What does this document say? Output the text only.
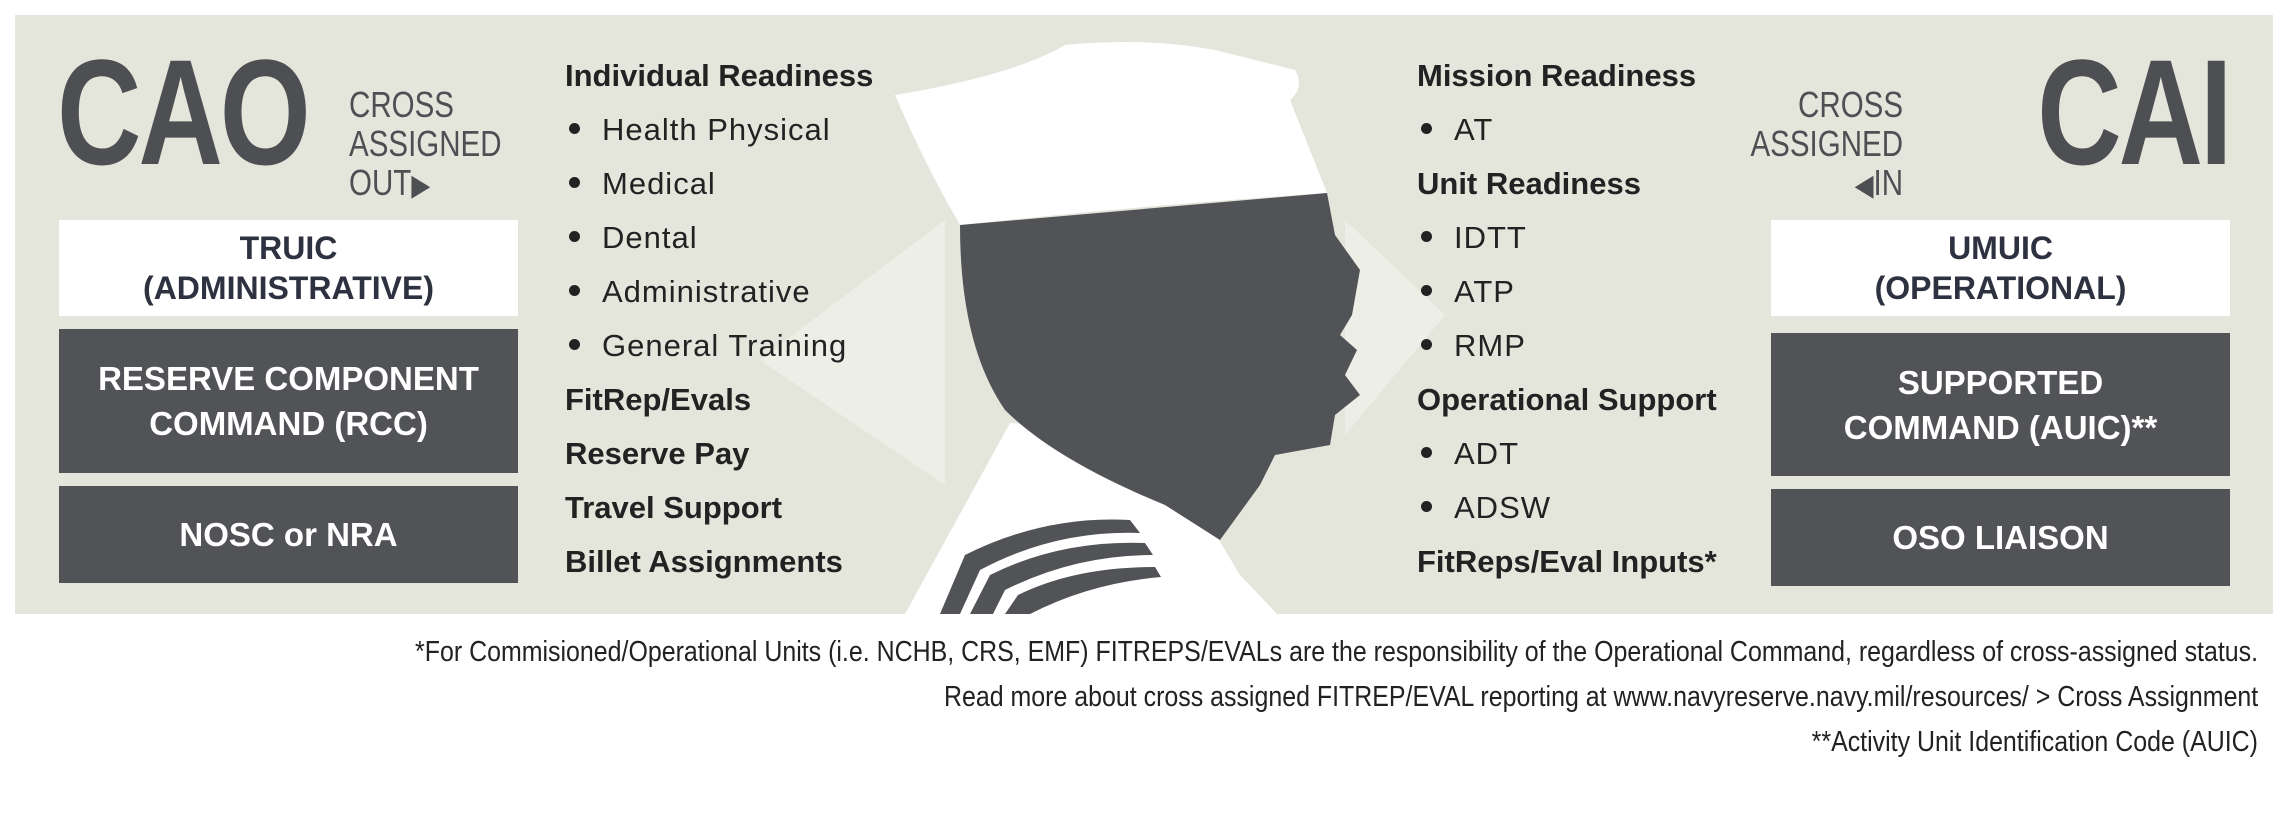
CAO CROSS
ASSIGNED
OUT▶
TRUIC
(ADMINISTRATIVE)
RESERVE COMPONENT
COMMAND (RCC)
NOSC or NRA
Individual Readiness
Health Physical
Medical
Dental
Administrative
General Training
FitRep/Evals
Reserve Pay
Travel Support
Billet Assignments
Mission Readiness
AT
Unit Readiness
IDTT
ATP
RMP
Operational Support
ADT
ADSW
FitReps/Eval Inputs*
CROSS
ASSIGNED
◀IN CAI
UMUIC
(OPERATIONAL)
SUPPORTED
COMMAND (AUIC)**
OSO LIAISON
*For Commisioned/Operational Units (i.e. NCHB, CRS, EMF) FITREPS/EVALs are the responsibility of the Operational Command, regardless of cross-assigned status.
Read more about cross assigned FITREP/EVAL reporting at www.navyreserve.navy.mil/resources/ > Cross Assignment
**Activity Unit Identification Code (AUIC)
